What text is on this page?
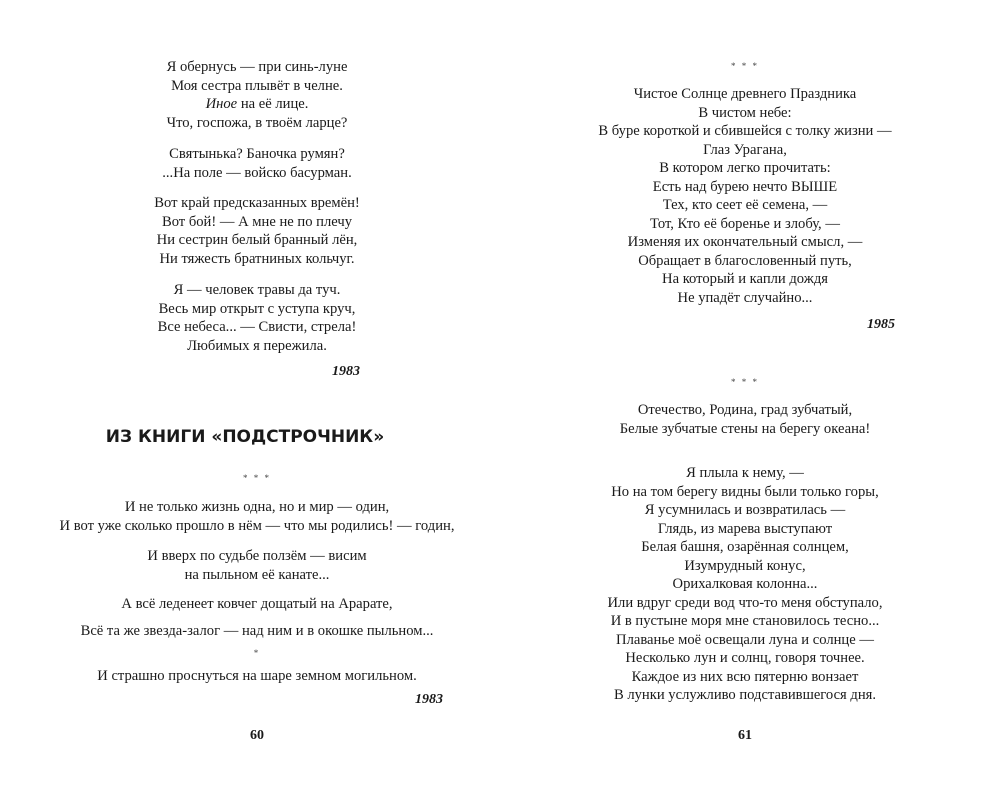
Я обернусь — при синь-луне
Моя сестра плывёт в челне.
Иное на её лице.
Что, госпожа, в твоём ларце?
Святынька? Баночка румян?
...На поле — войско басурман.
Вот край предсказанных времён!
Вот бой! — А мне не по плечу
Ни сестрин белый бранный лён,
Ни тяжесть братниных кольчуг.
Я — человек травы да туч.
Весь мир открыт с уступа круч,
Все небеса... — Свисти, стрела!
Любимых я пережила.
1983
ИЗ КНИГИ «ПОДСТРОЧНИК»
* * *
И не только жизнь одна, но и мир — один,
И вот уже сколько прошло в нём — что мы родились! — годин,
И вверх по судьбе ползём — висим
на пыльном её канате...
А всё леденеет ковчег дощатый на Арарате,
Всё та же звезда-залог — над ним и в окошке пыльном...
*
И страшно проснуться на шаре земном могильном.
1983
60
* * *
Чистое Солнце древнего Праздника
В чистом небе:
В буре короткой и сбившейся с толку жизни —
Глаз Урагана,
В котором легко прочитать:
Есть над бурею нечто ВЫШЕ
Тех, кто сеет её семена, —
Тот, Кто её боренье и злобу, —
Изменяя их окончательный смысл, —
Обращает в благословенный путь,
На который и капли дождя
Не упадёт случайно...
1985
* * *
Отечество, Родина, град зубчатый,
Белые зубчатые стены на берегу океана!
Я плыла к нему, —
Но на том берегу видны были только горы,
Я усумнилась и возвратилась —
Глядь, из марева выступают
Белая башня, озарённая солнцем,
Изумрудный конус,
Орихалковая колонна...
Или вдруг среди вод что-то меня обступало,
И в пустыне моря мне становилось тесно...
Плаванье моё освещали луна и солнце —
Несколько лун и солнц, говоря точнее.
Каждое из них всю пятерню вонзает
В лунки услужливо подставившегося дня.
61
